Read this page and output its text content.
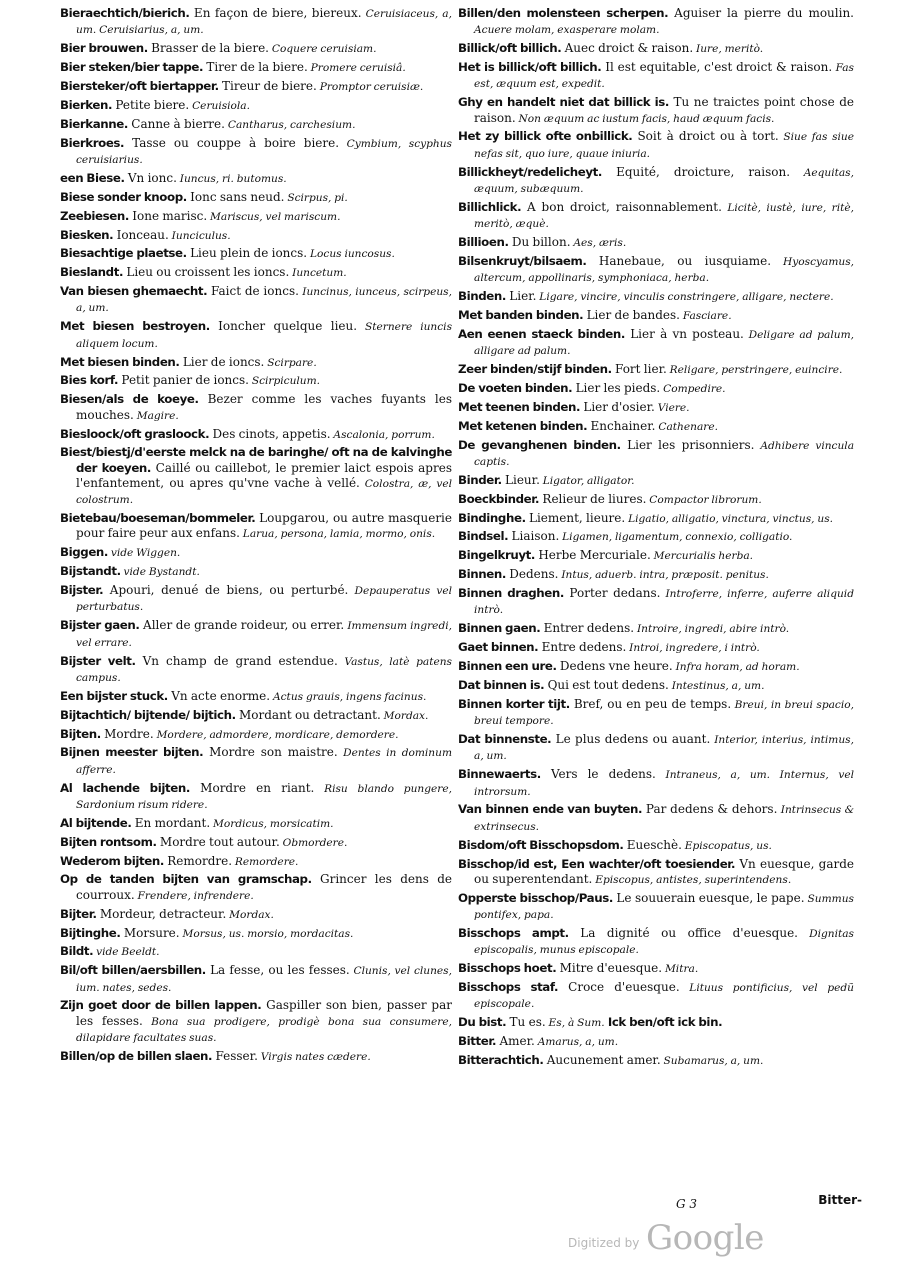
Bieraechtich/bierich. En façon de biere, biereux. Ceruisiaceus, a, um. Ceruisiarius, a, um.

Bier brouwen. Brasser de la biere. Coquere ceruisiam.

Bier steken/bier tappe. Tirer de la biere. Promere ceruisiâ.

Biersteker/oft biertapper. Tireur de biere. Promptor ceruisiæ.

Bierken. Petite biere. Ceruisiola.

Bierkanne. Canne à bierre. Cantharus, carchesium.

Bierkroes. Tasse ou couppe à boire biere. Cymbium, scyphus ceruisiarius.

een Biese. Vn ionc. Iuncus, ri. butomus.

Biese sonder knoop. Ionc sans neud. Scirpus, pi.

Zeebiesen. Ione marisc. Mariscus, vel mariscum.

Biesken. Ionceau. Iunciculus.

Biesachtige plaetse. Lieu plein de ioncs. Locus iuncosus.

Bieslandt. Lieu ou croissent les ioncs. Iuncetum.

Van biesen ghemaecht. Faict de ioncs. Iuncinus, iunceus, scirpeus, a, um.

Met biesen bestroyen. Ioncher quelque lieu. Sternere iuncis aliquem locum.

Met biesen binden. Lier de ioncs. Scirpare.

Bies korf. Petit panier de ioncs. Scirpiculum.

Biesen/als de koeye. Bezer comme les vaches fuyants les mouches. Magire.

Biesloock/oft grasloock. Des cinots, appetis. Ascalonia, porrum.

Biest/biestj/d'eerste melck na de baringhe/ oft na de kalvinghe der koeyen. Caillé ou caillebot, le premier laict espois apres l'enfantement, ou apres qu'vne vache à vellé. Colostra, æ, vel colostrum.

Bietebau/boeseman/bommeler. Loupgarou, ou autre masquerie pour faire peur aux enfans. Larua, persona, lamia, mormo, onis.

Biggen. vide Wiggen.

Bijstandt. vide Bystandt.

Bijster. Apouri, denué de biens, ou perturbé. Depauperatus vel perturbatus.

Bijster gaen. Aller de grande roideur, ou errer. Immensum ingredi, vel errare.

Bijster velt. Vn champ de grand estendue. Vastus, latè patens campus.

Een bijster stuck. Vn acte enorme. Actus grauis, ingens facinus.

Bijtachtich/ bijtende/ bijtich. Mordant ou detractant. Mordax.

Bijten. Mordre. Mordere, admordere, mordicare, demordere.

Bijnen meester bijten. Mordre son maistre. Dentes in dominum afferre.

Al lachende bijten. Mordre en riant. Risu blando pungere, Sardonium risum ridere.

Al bijtende. En mordant. Mordicus, morsicatim.

Bijten rontsom. Mordre tout autour. Obmordere.

Wederom bijten. Remordre. Remordere.

Op de tanden bijten van gramschap. Grincer les dens de courroux. Frendere, infrendere.

Bijter. Mordeur, detracteur. Mordax.

Bijtinghe. Morsure. Morsus, us. morsio, mordacitas.

Bildt. vide Beeldt.

Bil/oft billen/aersbillen. La fesse, ou les fesses. Clunis, vel clunes, ium. nates, sedes.

Zijn goet door de billen lappen. Gaspiller son bien, passer par les fesses. Bona sua prodigere, prodigè bona sua consumere, dilapidare facultates suas.

Billen/op de billen slaen. Fesser. Virgis nates cædere.

Billen/den molensteen scherpen. Aguiser la pierre du moulin. Acuere molam, exasperare molam.

Billick/oft billich. Auec droict & raison. Iure, meritò.

Het is billick/oft billich. Il est equitable, c'est droict & raison. Fas est, æquum est, expedit.

Ghy en handelt niet dat billick is. Tu ne traictes point chose de raison. Non æquum ac iustum facis, haud æquum facis.

Het zy billick ofte onbillick. Soit à droict ou à tort. Siue fas siue nefas sit, quo iure, quaue iniuria.

Billickheyt/redelicheyt. Equité, droicture, raison. Aequitas, æquum, subæquum.

Billichlick. A bon droict, raisonnablement. Licitè, iustè, iure, ritè, meritò, æquè.

Billioen. Du billon. Aes, æris.

Bilsenkruyt/bilsaem. Hanebaue, ou iusquiame. Hyoscyamus, altercum, appollinaris, symphoniaca, herba.

Binden. Lier. Ligare, vincire, vinculis constringere, alligare, nectere.

Met banden binden. Lier de bandes. Fasciare.

Aen eenen staeck binden. Lier à vn posteau. Deligare ad palum, alligare ad palum.

Zeer binden/stijf binden. Fort lier. Religare, perstringere, euincire.

De voeten binden. Lier les pieds. Compedire.

Met teenen binden. Lier d'osier. Viere.

Met ketenen binden. Enchainer. Cathenare.

De gevanghenen binden. Lier les prisonniers. Adhibere vincula captis.

Binder. Lieur. Ligator, alligator.

Boeckbinder. Relieur de liures. Compactor librorum.

Bindinghe. Liement, lieure. Ligatio, alligatio, vinctura, vinctus, us.

Bindsel. Liaison. Ligamen, ligamentum, connexio, colligatio.

Bingelkruyt. Herbe Mercuriale. Mercurialis herba.

Binnen. Dedens. Intus, aduerb. intra, præposit. penitus.

Binnen draghen. Porter dedans. Introferre, inferre, auferre aliquid intrò.

Binnen gaen. Entrer dedens. Introire, ingredi, abire intrò.

Gaet binnen. Entre dedens. Introi, ingredere, i intrò.

Binnen een ure. Dedens vne heure. Infra horam, ad horam.

Dat binnen is. Qui est tout dedens. Intestinus, a, um.

Binnen korter tijt. Bref, ou en peu de temps. Breui, in breui spacio, breui tempore.

Dat binnenste. Le plus dedens ou auant. Interior, interius, intimus, a, um.

Binnewaerts. Vers le dedens. Intraneus, a, um. Internus, vel introrsum.

Van binnen ende van buyten. Par dedens & dehors. Intrinsecus & extrinsecus.

Bisdom/oft Bisschopsdom. Eueschè. Episcopatus, us.

Bisschop/id est, Een wachter/oft toesiender. Vn euesque, garde ou superentendant. Episcopus, antistes, superintendens.

Opperste bisschop/Paus. Le souuerain euesque, le pape. Summus pontifex, papa.

Bisschops ampt. La dignité ou office d'euesque. Dignitas episcopalis, munus episcopale.

Bisschops hoet. Mitre d'euesque. Mitra.

Bisschops staf. Croce d'euesque. Lituus pontificius, vel pedũ episcopale.

Du bist. Tu es. Es, à Sum. Ick ben/oft ick bin.

Bitter. Amer. Amarus, a, um.

Bitterachtich. Aucunement amer. Subamarus, a, um.

G 3	Bitter-
Digitized by Google
